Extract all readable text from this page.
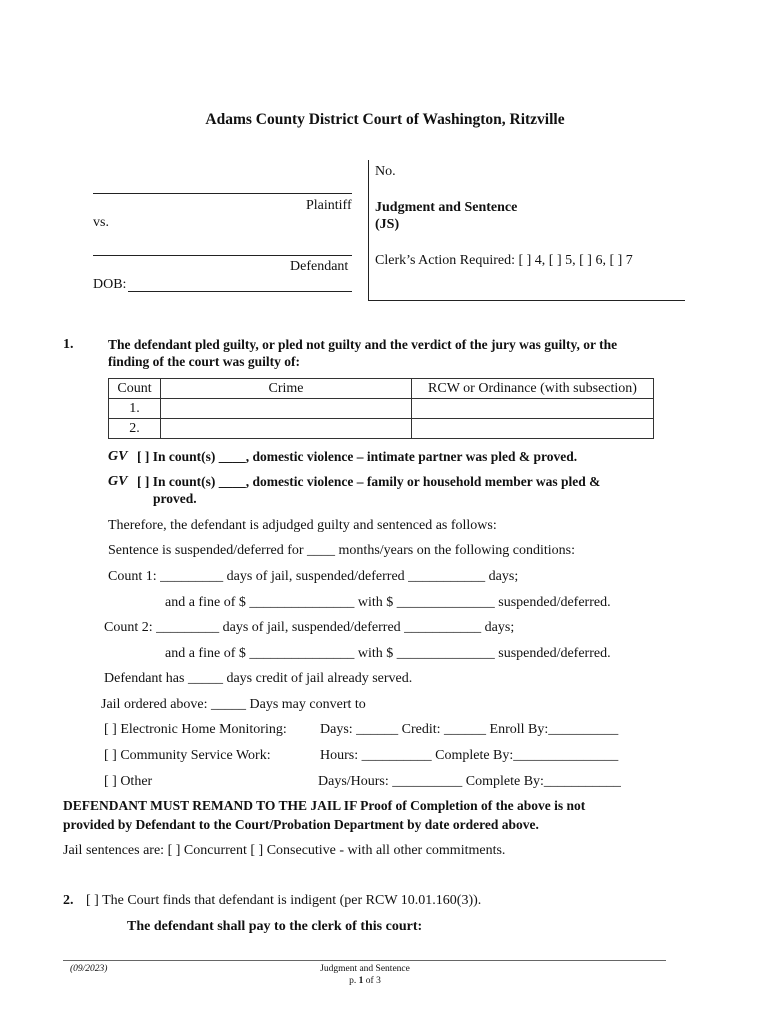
Adams County District Court of Washington, Ritzville
Plaintiff
vs.
Defendant
DOB:
No.
Judgment and Sentence
(JS)
Clerk’s Action Required: [ ] 4, [ ] 5, [ ] 6, [ ] 7
1.	The defendant pled guilty, or pled not guilty and the verdict of the jury was guilty, or the
finding of the court was guilty of:
Count	Crime	RCW or Ordinance (with subsection)
1.		
2.		
GV [ ] In count(s) ____, domestic violence – intimate partner was pled & proved.
GV [ ] In count(s) ____, domestic violence – family or household member was pled &
proved.
Therefore, the defendant is adjudged guilty and sentenced as follows:
Sentence is suspended/deferred for ____ months/years on the following conditions:
Count 1: _________ days of jail, suspended/deferred ___________ days;
and a fine of $ _______________ with $ ______________ suspended/deferred.
Count 2: _________ days of jail, suspended/deferred ___________ days;
and a fine of $ _______________ with $ ______________ suspended/deferred.
Defendant has _____ days credit of jail already served.
Jail ordered above: _____ Days may convert to
[ ] Electronic Home Monitoring: Days: ______ Credit: ______ Enroll By:__________
[ ] Community Service Work:	Hours: __________ Complete By:_______________
[ ] Other	Days/Hours: __________ Complete By:___________
DEFENDANT MUST REMAND TO THE JAIL IF Proof of Completion of the above is not
provided by Defendant to the Court/Probation Department by date ordered above.
Jail sentences are: [ ] Concurrent [ ] Consecutive - with all other commitments.
2. [ ] The Court finds that defendant is indigent (per RCW 10.01.160(3)).
The defendant shall pay to the clerk of this court:
(09/2023)	Judgment and Sentence
p. 1 of 3
